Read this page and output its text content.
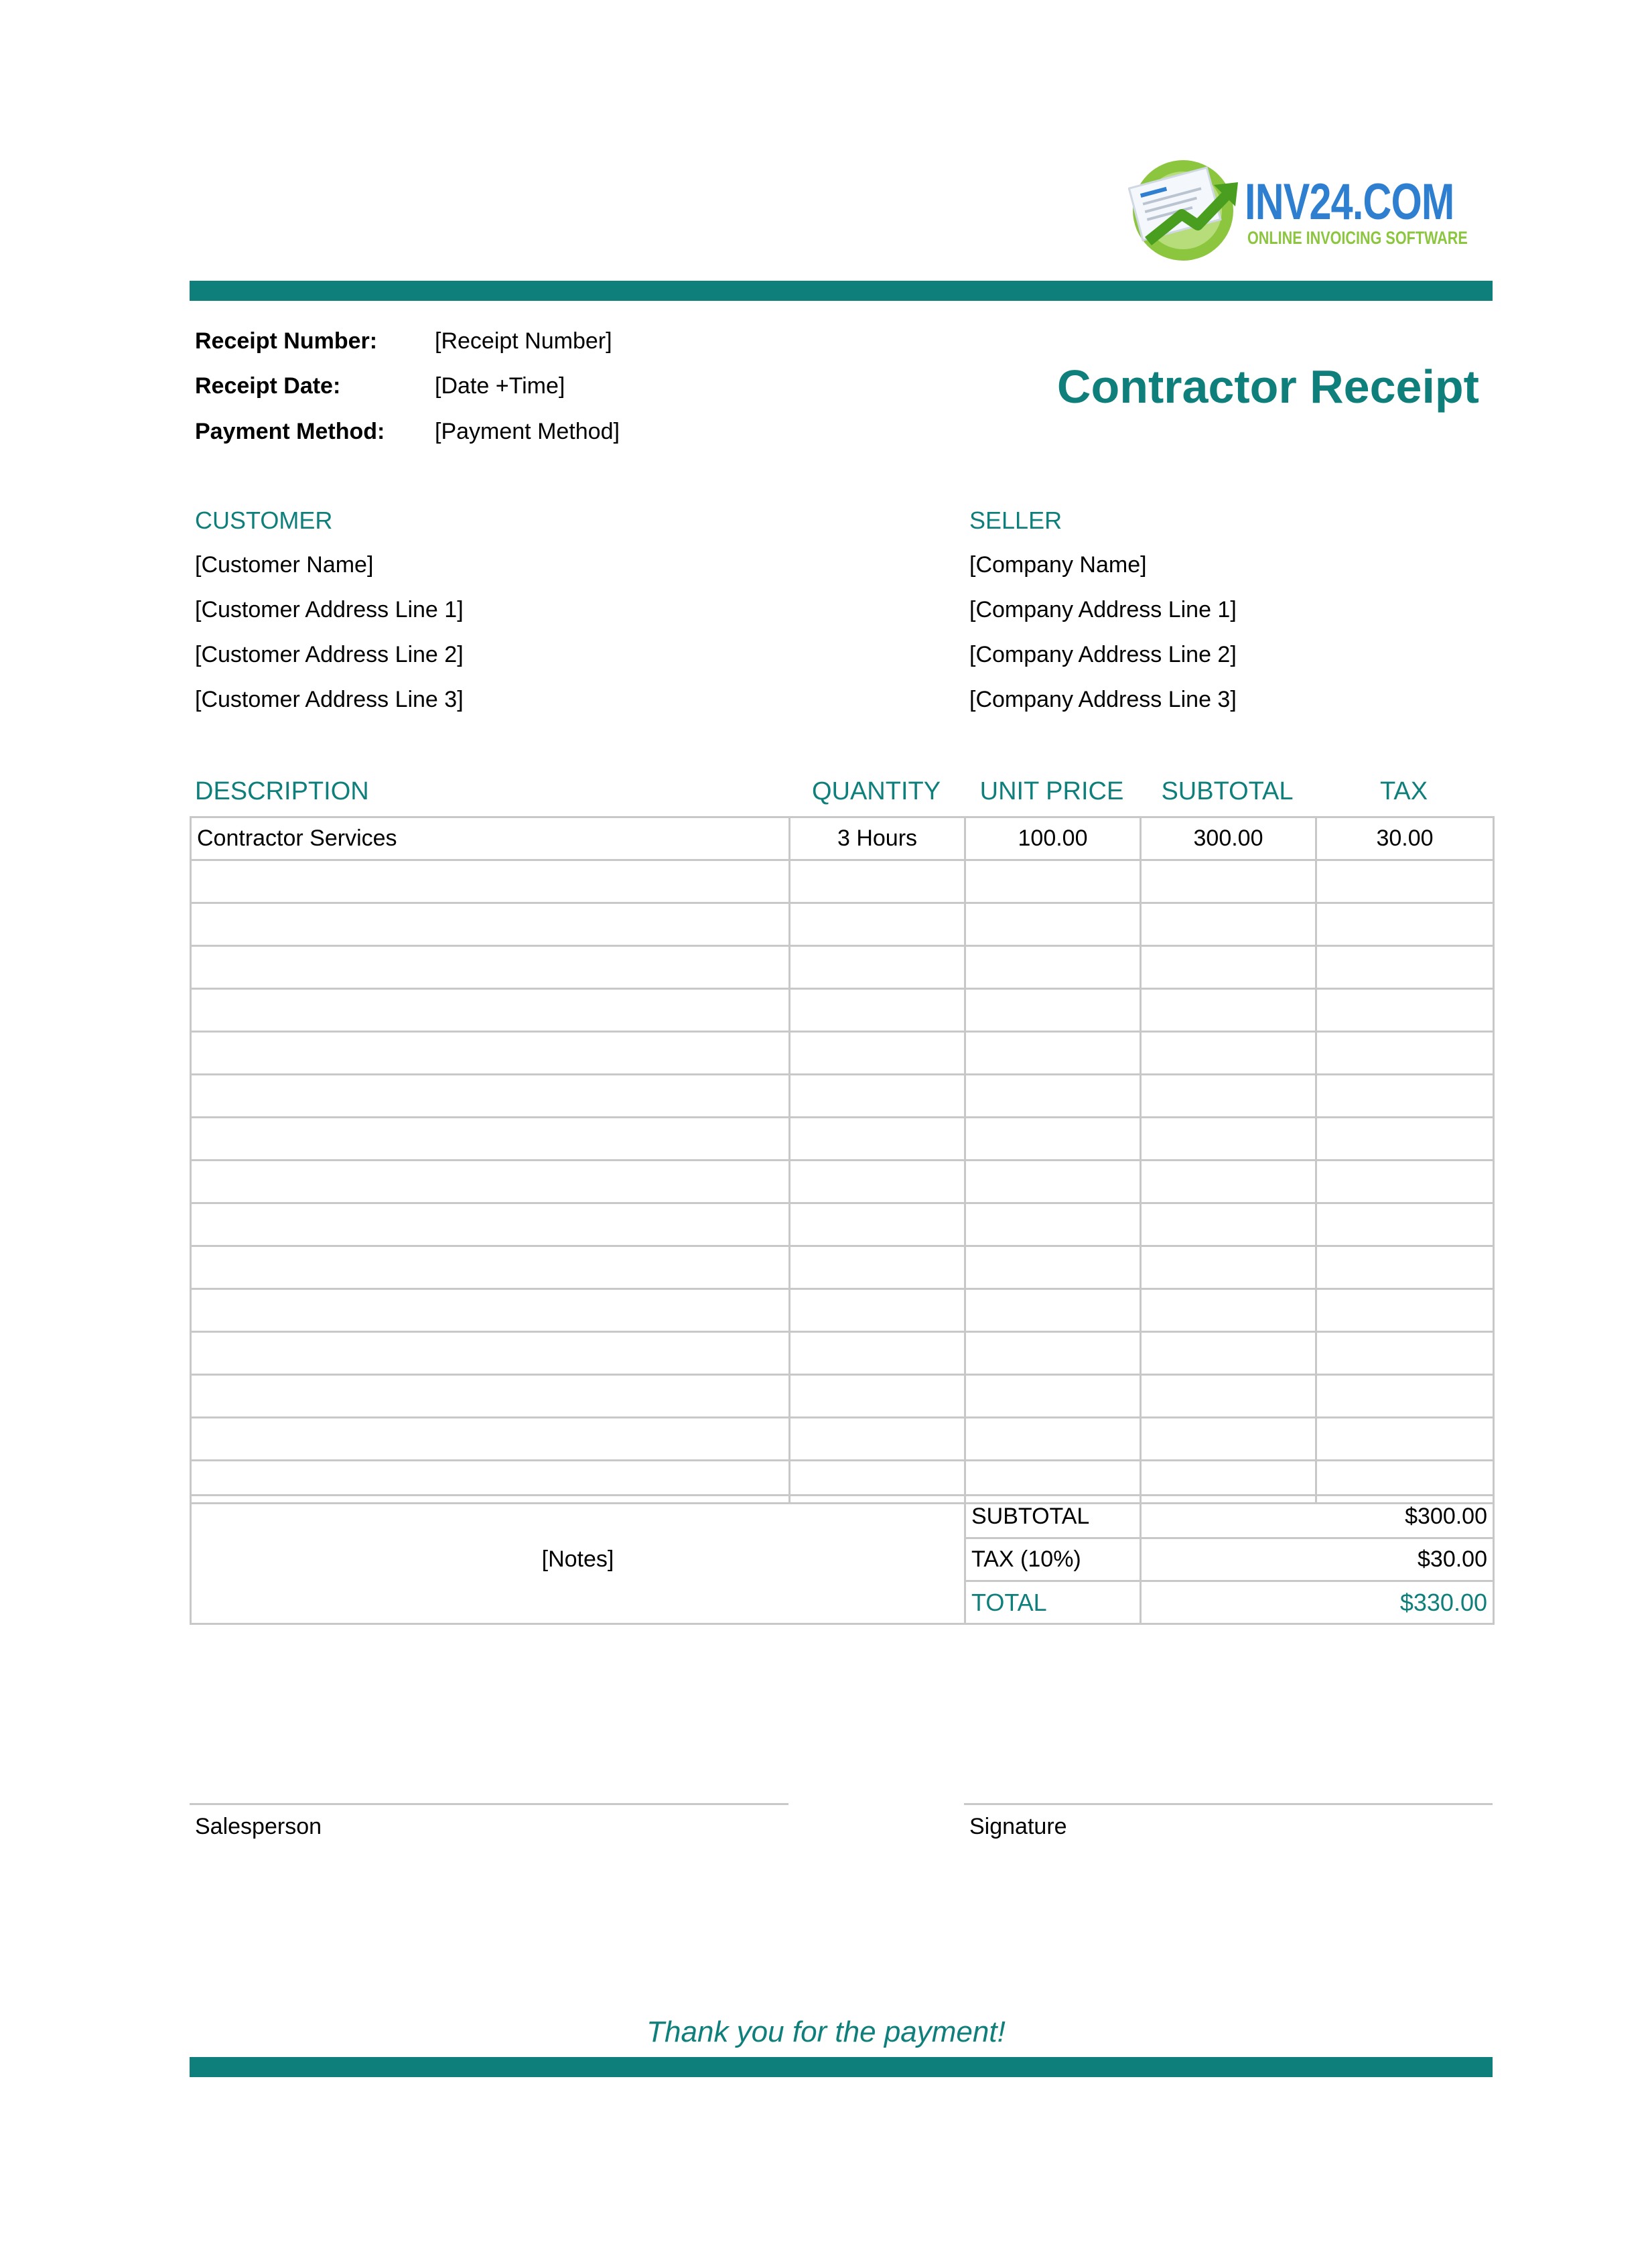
INV24.COM
ONLINE INVOICING SOFTWARE
Receipt Number:	[Receipt Number]
Receipt Date:	[Date +Time]
Payment Method: [Payment Method]
Contractor Receipt
CUSTOMER
[Customer Name]
[Customer Address Line 1]
[Customer Address Line 2]
[Customer Address Line 3]
SELLER
[Company Name]
[Company Address Line 1]
[Company Address Line 2]
[Company Address Line 3]
DESCRIPTION	QUANTITY	UNIT PRICE	SUBTOTAL	TAX
Contractor Services	3 Hours	100.00	300.00	30.00

[Notes]	SUBTOTAL	$300.00
	TAX (10%)	$30.00
	TOTAL	$330.00
Salesperson	Signature
Thank you for the payment!
